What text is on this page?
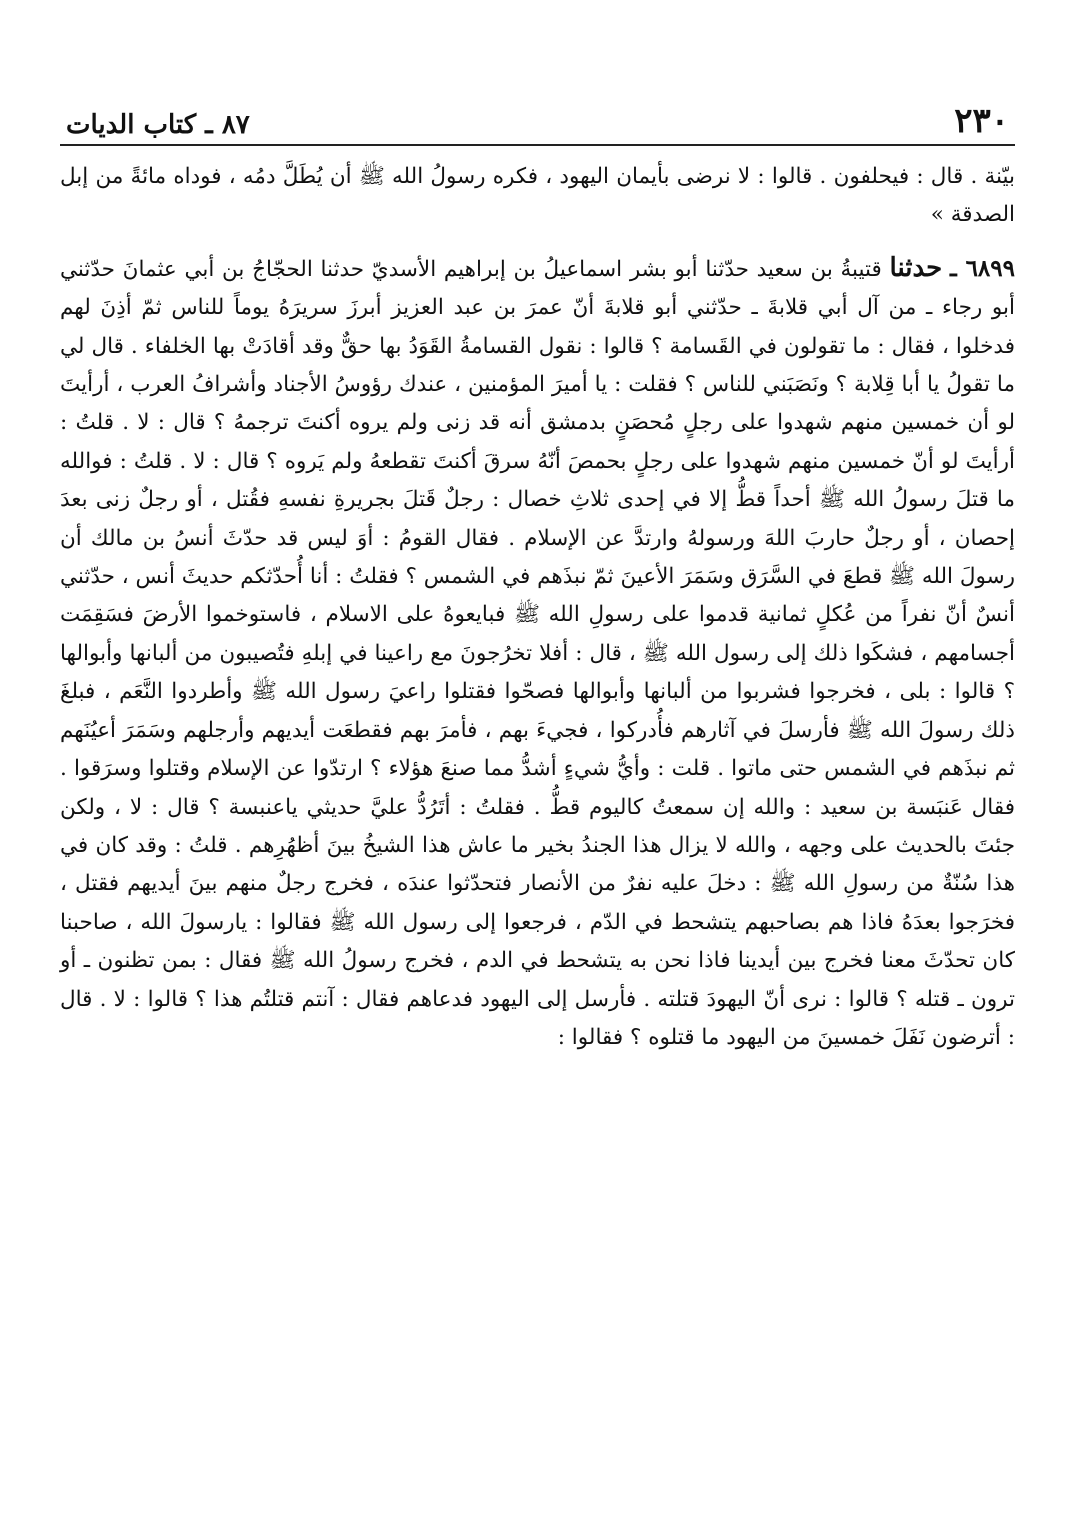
٢٣٠
٨٧ ـ كتاب الديات

بيّنة . قال : فيحلفون . قالوا : لا نرضى بأيمان اليهود ، فكره رسولُ الله ﷺ أن يُطَلَّ دمُه ، فوداه مائةً من إبل الصدقة »

٦٨٩٩ ـ حدثنا قتيبةُ بن سعيد حدّثنا أبو بشر اسماعيلُ بن إبراهيم الأسديّ حدثنا الحجّاجُ بن أبي عثمانَ حدّثني أبو رجاء ـ من آل أبي قلابةَ ـ حدّثني أبو قلابةَ أنّ عمرَ بن عبد العزيز أبرزَ سريرَهُ يوماً للناس ثمّ أذِنَ لهم فدخلوا ، فقال : ما تقولون في القَسامة ؟ قالوا : نقول القسامةُ القَوَدُ بها حقٌّ وقد أقادَتْ بها الخلفاء . قال لي ما تقولُ يا أبا قِلابة ؟ ونَصَبَني للناس ؟ فقلت : يا أميرَ المؤمنين ، عندك رؤوسُ الأجناد وأشرافُ العرب ، أرأيتَ لو أن خمسين منهم شهدوا على رجلٍ مُحصَنٍ بدمشق أنه قد زنى ولم يروه أكنتَ ترجمهُ ؟ قال : لا . قلتُ : أرأيتَ لو أنّ خمسين منهم شهدوا على رجلٍ بحمصَ أنّهُ سرقَ أكنتَ تقطعهُ ولم يَروه ؟ قال : لا . قلتُ : فوالله ما قتلَ رسولُ الله ﷺ أحداً قطُّ إلا في إحدى ثلاثِ خصال : رجلٌ قَتلَ بجريرةِ نفسهِ فقُتل ، أو رجلٌ زنى بعدَ إحصان ، أو رجلٌ حاربَ اللهَ ورسولهُ وارتدَّ عن الإسلام . فقال القومُ : أوَ ليس قد حدّثَ أنسُ بن مالك أن رسولَ الله ﷺ قطعَ في السَّرَق وسَمَرَ الأعينَ ثمّ نبذَهم في الشمس ؟ فقلتُ : أنا أُحدّثكم حديثَ أنس ، حدّثني أنسٌ أنّ نفراً من عُكلٍ ثمانية قدموا على رسولِ الله ﷺ فبايعوهُ على الاسلام ، فاستوخموا الأرضَ فسَقِمَت أجسامهم ، فشكَوا ذلك إلى رسول الله ﷺ ، قال : أفلا تخرُجونَ مع راعينا في إبلهِ فتُصيبون من ألبانها وأبوالها ؟ قالوا : بلى ، فخرجوا فشربوا من ألبانها وأبوالها فصحّوا فقتلوا راعيَ رسول الله ﷺ وأطردوا النَّعَم ، فبلغَ ذلك رسولَ الله ﷺ فأرسلَ في آثارهم فأُدركوا ، فجيءَ بهم ، فأمرَ بهم فقطعَت أيديهم وأرجلهم وسَمَرَ أعيُنَهم ثم نبذَهم في الشمس حتى ماتوا . قلت : وأيُّ شيءٍ أشدُّ مما صنعَ هؤلاء ؟ ارتدّوا عن الإسلام وقتلوا وسرَقوا . فقال عَنبَسة بن سعيد : والله إن سمعتُ كاليوم قطُّ . فقلتُ : أتَرُدُّ عليَّ حديثي ياعنبسة ؟ قال : لا ، ولكن جئتَ بالحديث على وجهه ، والله لا يزال هذا الجندُ بخير ما عاش هذا الشيخُ بينَ أظهُرِهم . قلتُ : وقد كان في هذا سُنّةٌ من رسولِ الله ﷺ : دخلَ عليه نفرٌ من الأنصار فتحدّثوا عندَه ، فخرج رجلٌ منهم بينَ أيديهم فقتل ، فخرَجوا بعدَهُ فاذا هم بصاحبهم يتشحط في الدّم ، فرجعوا إلى رسول الله ﷺ فقالوا : يارسولَ الله ، صاحبنا كان تحدّثَ معنا فخرج بين أيدينا فاذا نحن به يتشحط في الدم ، فخرج رسولُ الله ﷺ فقال : بمن تظنون ـ أو ترون ـ قتله ؟ قالوا : نرى أنّ اليهودَ قتلته . فأرسل إلى اليهود فدعاهم فقال : آنتم قتلتُم هذا ؟ قالوا : لا . قال : أترضون نَفَلَ خمسينَ من اليهود ما قتلوه ؟ فقالوا :
